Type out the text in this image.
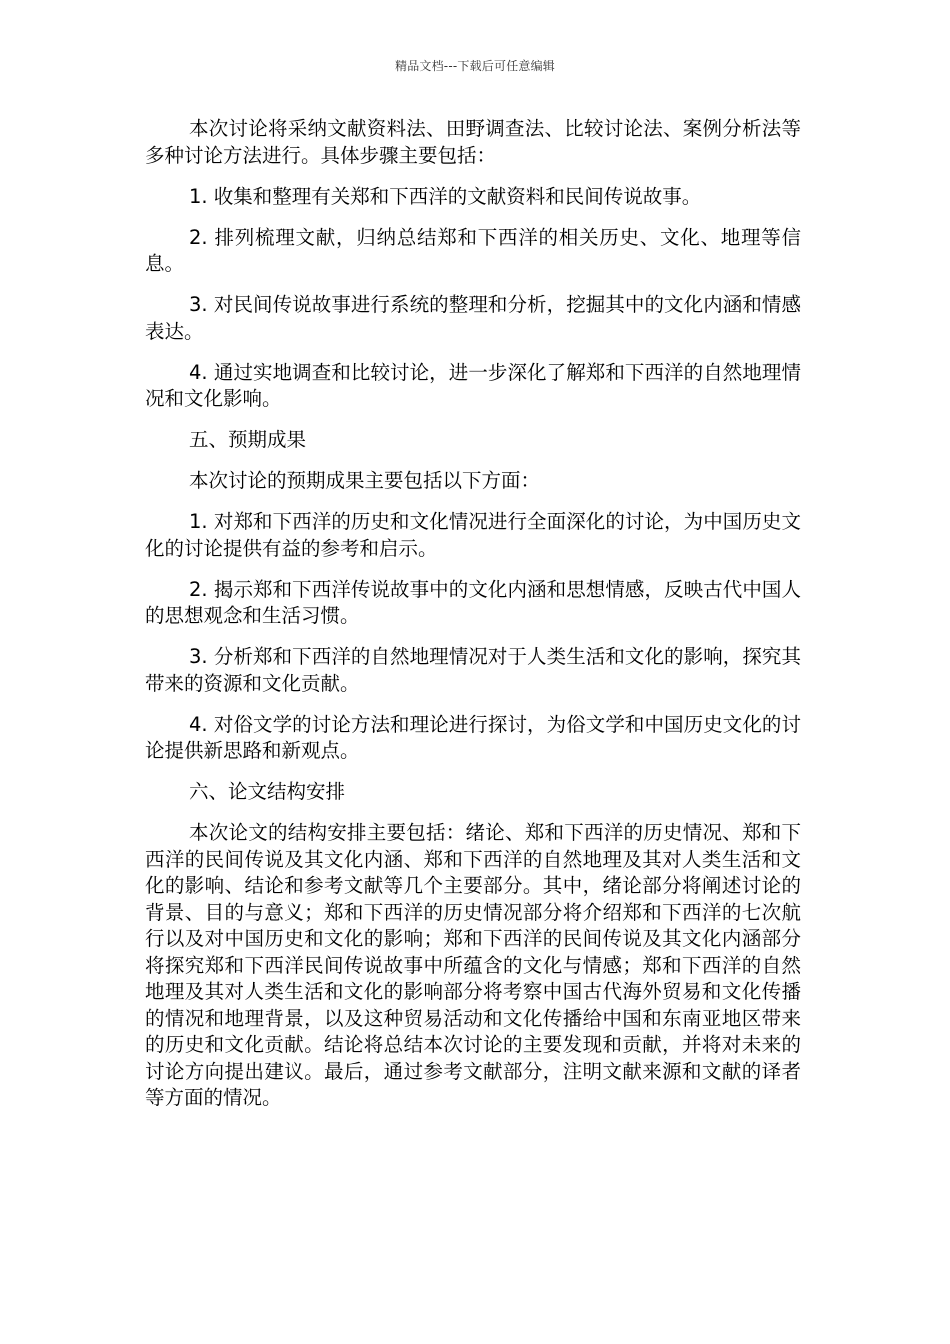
精品文档---下载后可任意编辑

本次讨论将采纳文献资料法、田野调查法、比较讨论法、案例分析法等多种讨论方法进行。具体步骤主要包括：

1. 收集和整理有关郑和下西洋的文献资料和民间传说故事。

2. 排列梳理文献，归纳总结郑和下西洋的相关历史、文化、地理等信息。

3. 对民间传说故事进行系统的整理和分析，挖掘其中的文化内涵和情感表达。

4. 通过实地调查和比较讨论，进一步深化了解郑和下西洋的自然地理情况和文化影响。

五、预期成果

本次讨论的预期成果主要包括以下方面：

1. 对郑和下西洋的历史和文化情况进行全面深化的讨论，为中国历史文化的讨论提供有益的参考和启示。

2. 揭示郑和下西洋传说故事中的文化内涵和思想情感，反映古代中国人的思想观念和生活习惯。

3. 分析郑和下西洋的自然地理情况对于人类生活和文化的影响，探究其带来的资源和文化贡献。

4. 对俗文学的讨论方法和理论进行探讨，为俗文学和中国历史文化的讨论提供新思路和新观点。

六、论文结构安排

本次论文的结构安排主要包括：绪论、郑和下西洋的历史情况、郑和下西洋的民间传说及其文化内涵、郑和下西洋的自然地理及其对人类生活和文化的影响、结论和参考文献等几个主要部分。其中，绪论部分将阐述讨论的背景、目的与意义；郑和下西洋的历史情况部分将介绍郑和下西洋的七次航行以及对中国历史和文化的影响；郑和下西洋的民间传说及其文化内涵部分将探究郑和下西洋民间传说故事中所蕴含的文化与情感；郑和下西洋的自然地理及其对人类生活和文化的影响部分将考察中国古代海外贸易和文化传播的情况和地理背景，以及这种贸易活动和文化传播给中国和东南亚地区带来的历史和文化贡献。结论将总结本次讨论的主要发现和贡献，并将对未来的讨论方向提出建议。最后，通过参考文献部分，注明文献来源和文献的译者等方面的情况。
